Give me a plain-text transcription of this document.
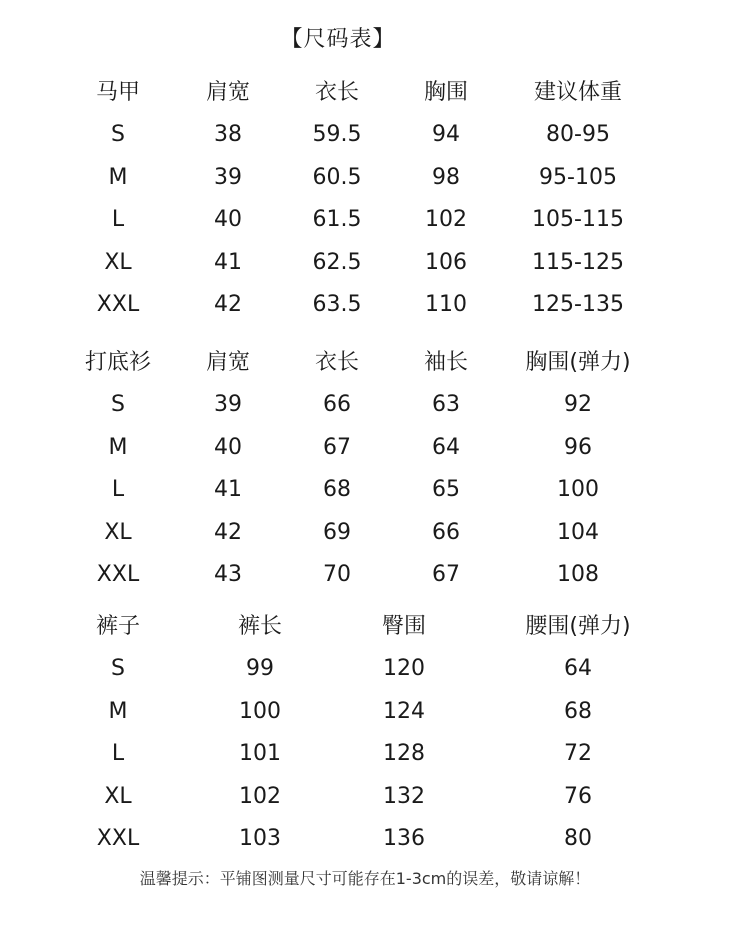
【尺码表】
马甲	肩宽	衣长	胸围	建议体重
S	38	59.5	94	80-95
M	39	60.5	98	95-105
L	40	61.5	102	105-115
XL	41	62.5	106	115-125
XXL	42	63.5	110	125-135
打底衫	肩宽	衣长	袖长	胸围(弹力)
S	39	66	63	92
M	40	67	64	96
L	41	68	65	100
XL	42	69	66	104
XXL	43	70	67	108
裤子	裤长	臀围	腰围(弹力)
S	99	120	64
M	100	124	68
L	101	128	72
XL	102	132	76
XXL	103	136	80
温馨提示：平铺图测量尺寸可能存在1-3cm的误差，敬请谅解！
